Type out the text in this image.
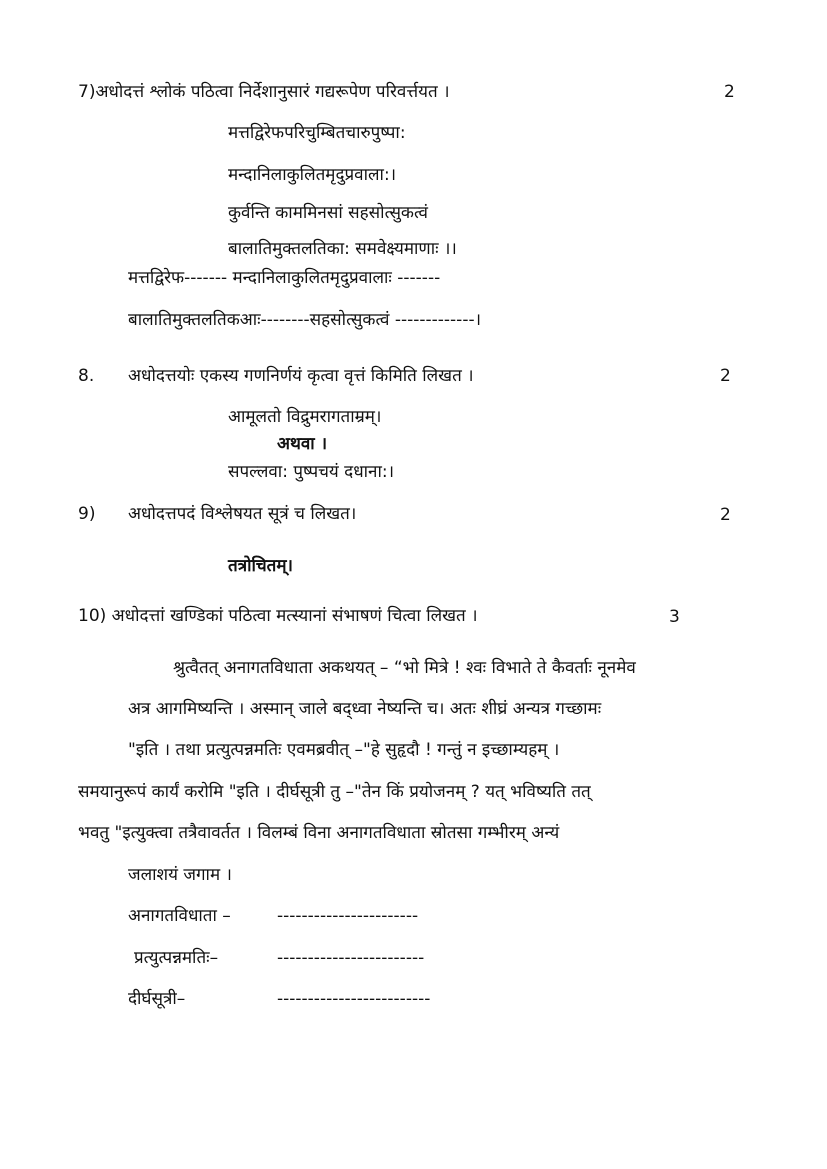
7)अधोदत्तं श्लोकं पठित्वा निर्देशानुसारं गद्यरूपेण परिवर्त्तयत ।	2
मत्तद्विरेफपरिचुम्बितचारुपुष्पा:
मन्दानिलाकुलितमृदुप्रवाला:।
कुर्वन्ति काममिनसां सहसोत्सुकत्वं
बालातिमुक्तलतिका: समवेक्ष्यमाणाः ।।
मत्तद्विरेफ------- मन्दानिलाकुलितमृदुप्रवालाः -------
बालातिमुक्तलतिकआः--------सहसोत्सुकत्वं -------------।
8. अधोदत्तयोः एकस्य गणनिर्णयं कृत्वा वृत्तं किमिति लिखत ।	2
आमूलतो विद्रुमरागताम्रम्।
अथवा ।
सपल्लवा: पुष्पचयं दधाना:।
9) अधोदत्तपदं विश्लेषयत सूत्रं च लिखत।	2
तत्रोचितम्।
10) अधोदत्तां खण्डिकां पठित्वा मत्स्यानां संभाषणं चित्वा लिखत ।	3
श्रुत्वैतत् अनागतविधाता अकथयत् – “भो मित्रे ! श्वः विभाते ते कैवर्ताः नूनमेव
अत्र आगमिष्यन्ति । अस्मान् जाले बद्ध्वा नेष्यन्ति च। अतः शीघ्रं अन्यत्र गच्छामः
"इति । तथा प्रत्युत्पन्नमतिः एवमब्रवीत् –"हे सुहृदौ ! गन्तुं न इच्छाम्यहम् ।
समयानुरूपं कार्यं करोमि "इति । दीर्घसूत्री तु –"तेन किं प्रयोजनम् ? यत् भविष्यति तत्
भवतु "इत्युक्त्वा तत्रैवावर्तत । विलम्बं विना अनागतविधाता स्रोतसा गम्भीरम् अन्यं
जलाशयं जगाम ।
अनागतविधाता –	-----------------------
प्रत्युत्पन्नमतिः–	------------------------
दीर्घसूत्री–	-------------------------
